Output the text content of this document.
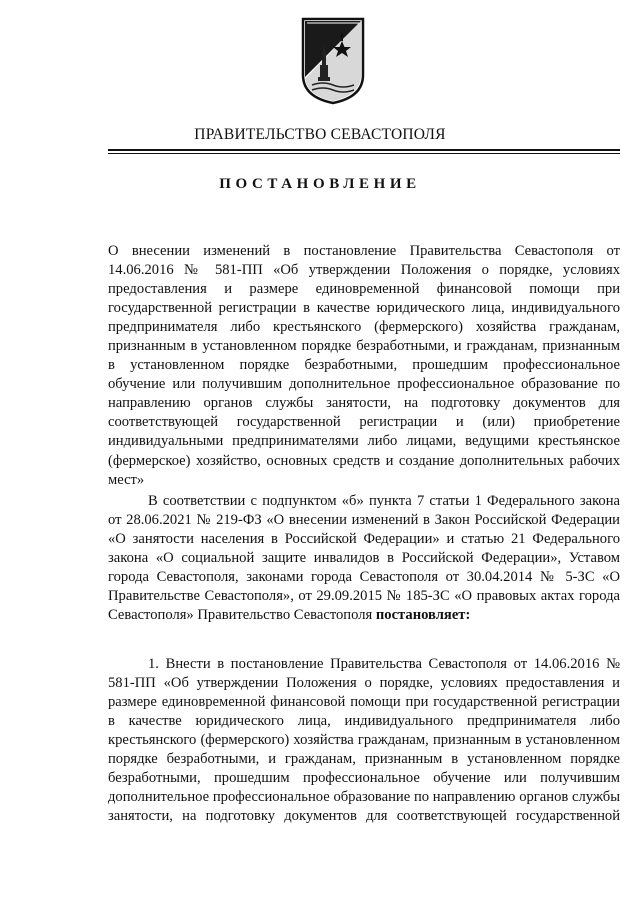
ПРАВИТЕЛЬСТВО СЕВАСТОПОЛЯ
ПОСТАНОВЛЕНИЕ

О внесении изменений в постановление Правительства Севастополя от 14.06.2016 № 581-ПП «Об утверждении Положения о порядке, условиях предоставления и размере единовременной финансовой помощи при государственной регистрации в качестве юридического лица, индивидуального предпринимателя либо крестьянского (фермерского) хозяйства гражданам, признанным в установленном порядке безработными, и гражданам, признанным в установленном порядке безработными, прошедшим профессиональное обучение или получившим дополнительное профессиональное образование по направлению органов службы занятости, на подготовку документов для соответствующей государственной регистрации и (или) приобретение индивидуальными предпринимателями либо лицами, ведущими крестьянское (фермерское) хозяйство, основных средств и создание дополнительных рабочих мест»

В соответствии с подпунктом «б» пункта 7 статьи 1 Федерального закона от 28.06.2021 № 219-ФЗ «О внесении изменений в Закон Российской Федерации «О занятости населения в Российской Федерации» и статью 21 Федерального закона «О социальной защите инвалидов в Российской Федерации», Уставом города Севастополя, законами города Севастополя от 30.04.2014 № 5-ЗС «О Правительстве Севастополя», от 29.09.2015 № 185-ЗС «О правовых актах города Севастополя» Правительство Севастополя постановляет:

1. Внести в постановление Правительства Севастополя от 14.06.2016 № 581-ПП «Об утверждении Положения о порядке, условиях предоставления и размере единовременной финансовой помощи при государственной регистрации в качестве юридического лица, индивидуального предпринимателя либо крестьянского (фермерского) хозяйства гражданам, признанным в установленном порядке безработными, и гражданам, признанным в установленном порядке безработными, прошедшим профессиональное обучение или получившим дополнительное профессиональное образование по направлению органов службы занятости, на подготовку документов для соответствующей государственной
